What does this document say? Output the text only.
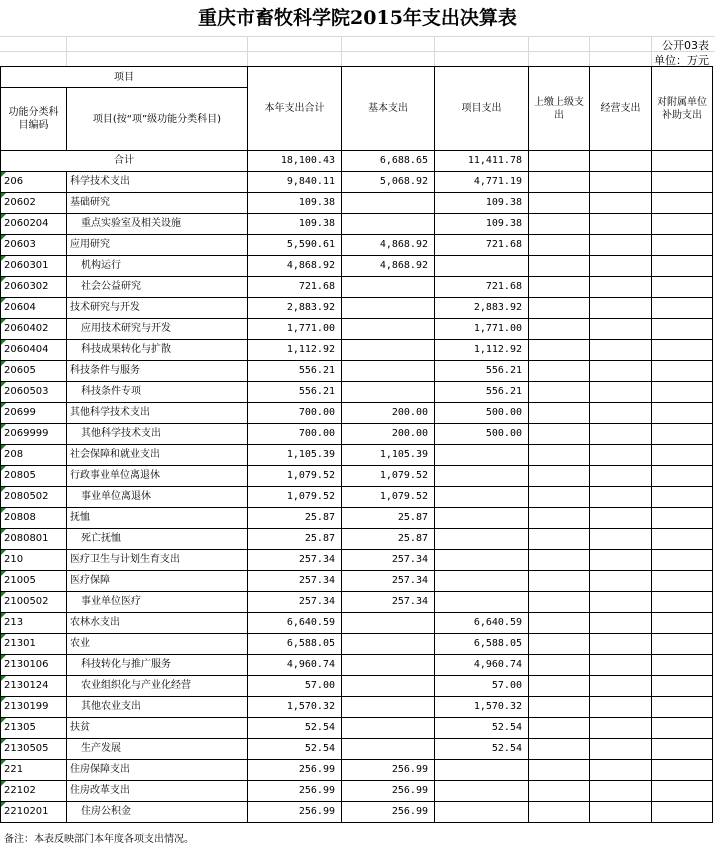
重庆市畜牧科学院2015年支出决算表
公开03表
单位：万元
项目		本年支出合计	基本支出	项目支出	上缴上级支出	经营支出	对附属单位补助支出
功能分类科目编码	项目(按“项”级功能分类科目)						
合计		18,100.43	6,688.65	11,411.78			
206	科学技术支出	9,840.11	5,068.92	4,771.19			
20602	基础研究	109.38		109.38			
2060204	重点实验室及相关设施	109.38		109.38			
20603	应用研究	5,590.61	4,868.92	721.68			
2060301	机构运行	4,868.92	4,868.92				
2060302	社会公益研究	721.68		721.68			
20604	技术研究与开发	2,883.92		2,883.92			
2060402	应用技术研究与开发	1,771.00		1,771.00			
2060404	科技成果转化与扩散	1,112.92		1,112.92			
20605	科技条件与服务	556.21		556.21			
2060503	科技条件专项	556.21		556.21			
20699	其他科学技术支出	700.00	200.00	500.00			
2069999	其他科学技术支出	700.00	200.00	500.00			
208	社会保障和就业支出	1,105.39	1,105.39				
20805	行政事业单位离退休	1,079.52	1,079.52				
2080502	事业单位离退休	1,079.52	1,079.52				
20808	抚恤	25.87	25.87				
2080801	死亡抚恤	25.87	25.87				
210	医疗卫生与计划生育支出	257.34	257.34				
21005	医疗保障	257.34	257.34				
2100502	事业单位医疗	257.34	257.34				
213	农林水支出	6,640.59		6,640.59			
21301	农业	6,588.05		6,588.05			
2130106	科技转化与推广服务	4,960.74		4,960.74			
2130124	农业组织化与产业化经营	57.00		57.00			
2130199	其他农业支出	1,570.32		1,570.32			
21305	扶贫	52.54		52.54			
2130505	生产发展	52.54		52.54			
221	住房保障支出	256.99	256.99				
22102	住房改革支出	256.99	256.99				
2210201	住房公积金	256.99	256.99				
备注：本表反映部门本年度各项支出情况。
